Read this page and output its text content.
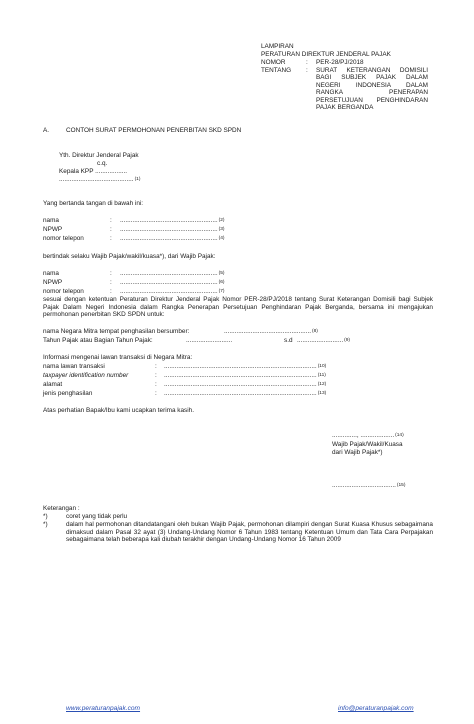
LAMPIRAN
PERATURAN DIREKTUR JENDERAL PAJAK
NOMOR	: PER-28/PJ/2018
TENTANG : SURAT KETERANGAN DOMISILI BAGI SUBJEK PAJAK DALAM NEGERI INDONESIA DALAM RANGKA PENERAPAN PERSETUJUAN PENGHINDARAN PAJAK BERGANDA
A.	CONTOH SURAT PERMOHONAN PENERBITAN SKD SPDN
Yth. Direktur Jenderal Pajak
c.q.
Kepala KPP ..................
..........................................(1)
Yang bertanda tangan di bawah ini:
nama	: .......................................................(2)
NPWP	: .......................................................(3)
nomor telepon	: .......................................................(4)
bertindak selaku Wajib Pajak/wakil/kuasa*), dari Wajib Pajak:
nama	: .......................................................(5)
NPWP	: .......................................................(6)
nomor telepon	: .......................................................(7)
sesuai dengan ketentuan Peraturan Direktur Jenderal Pajak Nomor PER-28/PJ/2018 tentang Surat Keterangan Domisili bagi Subjek Pajak Dalam Negeri Indonesia dalam Rangka Penerapan Persetujuan Penghindaran Pajak Berganda, bersama ini mengajukan permohonan penerbitan SKD SPDN untuk:
nama Negara Mitra tempat penghasilan bersumber:	.................................................(8)
Tahun Pajak atau Bagian Tahun Pajak:	..........................	s.d ..........................(9)
Informasi mengenai lawan transaksi di Negara Mitra:
nama lawan transaksi	: ......................................................................................(10)
taxpayer identification number	: ......................................................................................(11)
alamat	: ......................................................................................(12)
jenis penghasilan	: ......................................................................................(13)
Atas perhatian Bapak/Ibu kami ucapkan terima kasih.
.............., ...................(14)
Wajib Pajak/Wakil/Kuasa
dari Wajib Pajak*)
....................................(15)
Keterangan :
*)	coret yang tidak perlu
*)	dalam hal permohonan ditandatangani oleh bukan Wajib Pajak, permohonan dilampiri dengan Surat Kuasa Khusus sebagaimana dimaksud dalam Pasal 32 ayat (3) Undang-Undang Nomor 6 Tahun 1983 tentang Ketentuan Umum dan Tata Cara Perpajakan sebagaimana telah beberapa kali diubah terakhir dengan Undang-Undang Nomor 16 Tahun 2009
www.peraturanpajak.com	info@peraturanpajak.com
